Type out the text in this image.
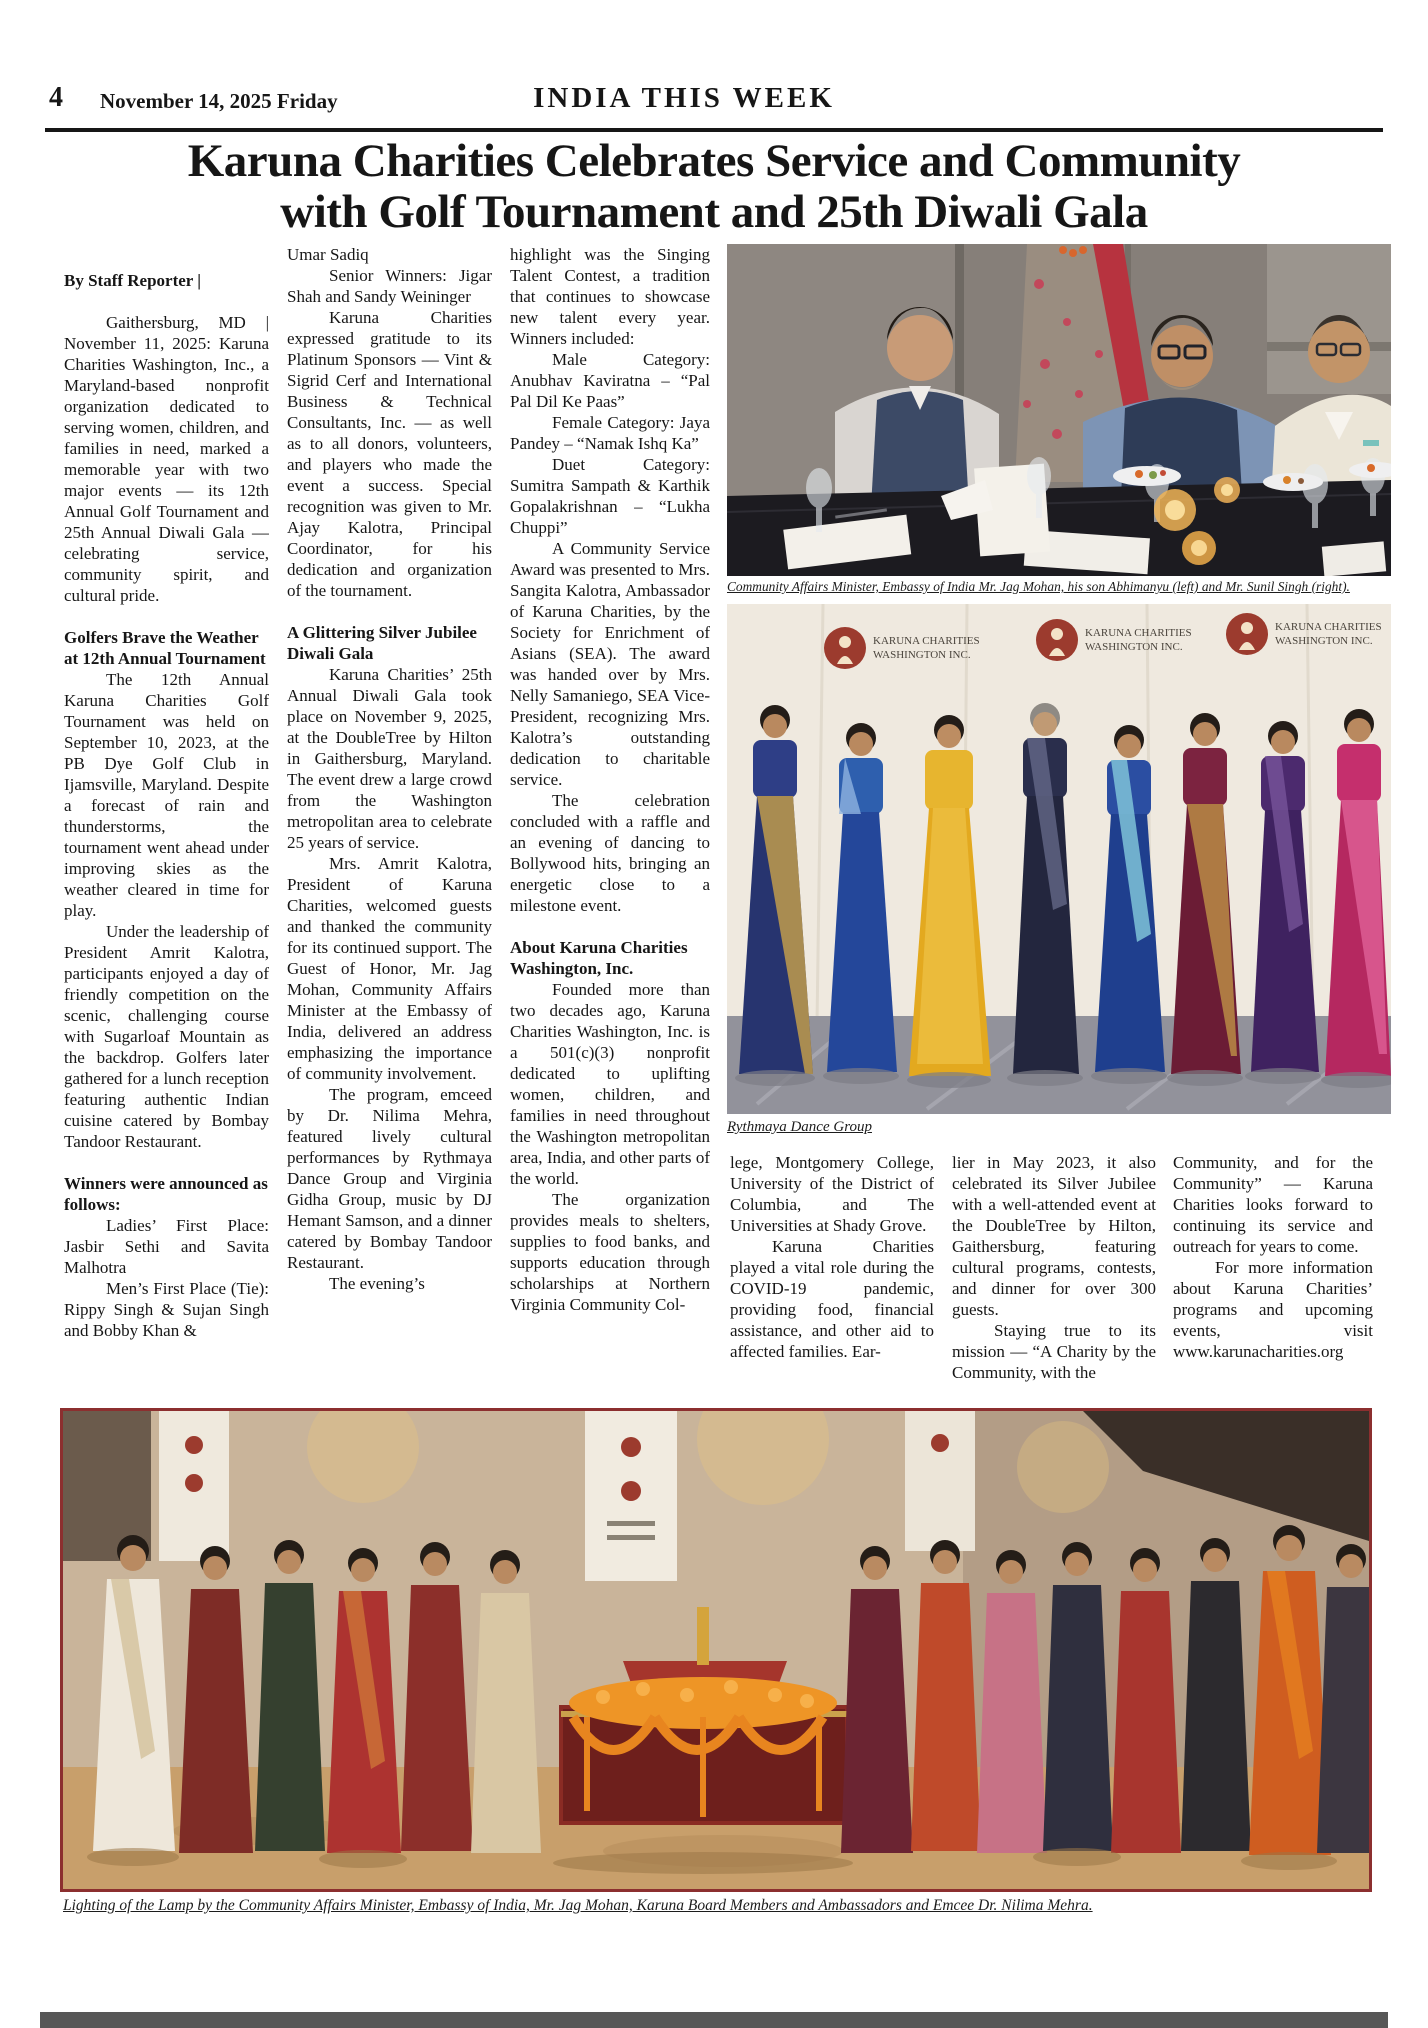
4 November 14, 2025 Friday	INDIA THIS WEEK
Karuna Charities Celebrates Service and Community
with Golf Tournament and 25th Diwali Gala

By Staff Reporter |

Gaithersburg, MD | November 11, 2025: Karuna Charities Washington, Inc., a Maryland-based nonprofit organization dedicated to serving women, children, and families in need, marked a memorable year with two major events — its 12th Annual Golf Tournament and 25th Annual Diwali Gala — celebrating service, community spirit, and cultural pride.

Golfers Brave the Weather at 12th Annual Tournament

The 12th Annual Karuna Charities Golf Tournament was held on September 10, 2023, at the PB Dye Golf Club in Ijamsville, Maryland. Despite a forecast of rain and thunderstorms, the tournament went ahead under improving skies as the weather cleared in time for play.

Under the leadership of President Amrit Kalotra, participants enjoyed a day of friendly competition on the scenic, challenging course with Sugarloaf Mountain as the backdrop. Golfers later gathered for a lunch reception featuring authentic Indian cuisine catered by Bombay Tandoor Restaurant.

Winners were announced as follows:

Ladies’ First Place: Jasbir Sethi and Savita Malhotra

Men’s First Place (Tie): Rippy Singh & Sujan Singh and Bobby Khan &

Umar Sadiq

Senior Winners: Jigar Shah and Sandy Weininger

Karuna Charities expressed gratitude to its Platinum Sponsors — Vint & Sigrid Cerf and International Business & Technical Consultants, Inc. — as well as to all donors, volunteers, and players who made the event a success. Special recognition was given to Mr. Ajay Kalotra, Principal Coordinator, for his dedication and organization of the tournament.

A Glittering Silver Jubilee Diwali Gala

Karuna Charities’ 25th Annual Diwali Gala took place on November 9, 2025, at the DoubleTree by Hilton in Gaithersburg, Maryland. The event drew a large crowd from the Washington metropolitan area to celebrate 25 years of service.

Mrs. Amrit Kalotra, President of Karuna Charities, welcomed guests and thanked the community for its continued support. The Guest of Honor, Mr. Jag Mohan, Community Affairs Minister at the Embassy of India, delivered an address emphasizing the importance of community involvement.

The program, emceed by Dr. Nilima Mehra, featured lively cultural performances by Rythmaya Dance Group and Virginia Gidha Group, music by DJ Hemant Samson, and a dinner catered by Bombay Tandoor Restaurant.

The evening’s

highlight was the Singing Talent Contest, a tradition that continues to showcase new talent every year. Winners included:

Male Category: Anubhav Kaviratna – “Pal Pal Dil Ke Paas”

Female Category: Jaya Pandey – “Namak Ishq Ka”

Duet Category: Sumitra Sampath & Karthik Gopalakrishnan – “Lukha Chuppi”

A Community Service Award was presented to Mrs. Sangita Kalotra, Ambassador of Karuna Charities, by the Society for Enrichment of Asians (SEA). The award was handed over by Mrs. Nelly Samaniego, SEA Vice-President, recognizing Mrs. Kalotra’s outstanding dedication to charitable service.

The celebration concluded with a raffle and an evening of dancing to Bollywood hits, bringing an energetic close to a milestone event.

About Karuna Charities Washington, Inc.

Founded more than two decades ago, Karuna Charities Washington, Inc. is a 501(c)(3) nonprofit dedicated to uplifting women, children, and families in need throughout the Washington metropolitan area, India, and other parts of the world.

The organization provides meals to shelters, supplies to food banks, and supports education through scholarships at Northern Virginia Community Col-

lege, Montgomery College, University of the District of Columbia, and The Universities at Shady Grove.

Karuna Charities played a vital role during the COVID-19 pandemic, providing food, financial assistance, and other aid to affected families. Ear-

lier in May 2023, it also celebrated its Silver Jubilee with a well-attended event at the DoubleTree by Hilton, Gaithersburg, featuring cultural programs, contests, and dinner for over 300 guests.

Staying true to its mission — “A Charity by the Community, with the

Community, and for the Community” — Karuna Charities looks forward to continuing its service and outreach for years to come.

For more information about Karuna Charities’ programs and upcoming events, visit www.karunacharities.org

Community Affairs Minister, Embassy of India Mr. Jag Mohan, his son Abhimanyu (left) and Mr. Sunil Singh (right).
KARUNA CHARITIES
WASHINGTON INC.
KARUNA CHARITIES
WASHINGTON INC.
KARUNA CHARITIES
WASHINGTON INC.
Rythmaya Dance Group
Lighting of the Lamp by the Community Affairs Minister, Embassy of India, Mr. Jag Mohan, Karuna Board Members and Ambassadors and Emcee Dr. Nilima Mehra.
